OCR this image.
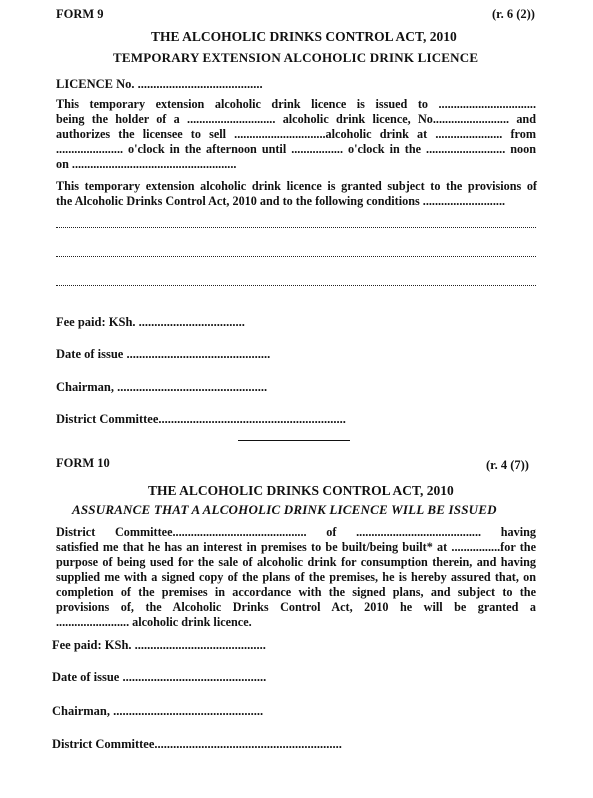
FORM 9	(r. 6 (2))
THE ALCOHOLIC DRINKS CONTROL ACT, 2010
TEMPORARY EXTENSION ALCOHOLIC DRINK LICENCE
LICENCE No. ........................................
This temporary extension alcoholic drink licence is issued to ................................
being the holder of a ............................. alcoholic drink licence, No......................... and
authorizes the licensee to sell ..............................alcoholic drink at ...................... from
...................... o'clock in the afternoon until ................. o'clock in the .......................... noon
on ......................................................
This temporary extension alcoholic drink licence is granted subject to the provisions of
the Alcoholic Drinks Control Act, 2010 and to the following conditions ...........................
Fee paid: KSh. ..................................
Date of issue ..............................................
Chairman, ................................................
District Committee............................................................
FORM 10	(r. 4 (7))
THE ALCOHOLIC DRINKS CONTROL ACT, 2010
ASSURANCE THAT A ALCOHOLIC DRINK LICENCE WILL BE ISSUED
District Committee............................................ of ......................................... having
satisfied me that he has an interest in premises to be built/being built* at ................for the
purpose of being used for the sale of alcoholic drink for consumption therein, and having
supplied me with a signed copy of the plans of the premises, he is hereby assured that, on
completion of the premises in accordance with the signed plans, and subject to the
provisions of, the Alcoholic Drinks Control Act, 2010 he will be granted a
........................ alcoholic drink licence.
Fee paid: KSh. ..........................................
Date of issue ..............................................
Chairman, ................................................
District Committee............................................................
